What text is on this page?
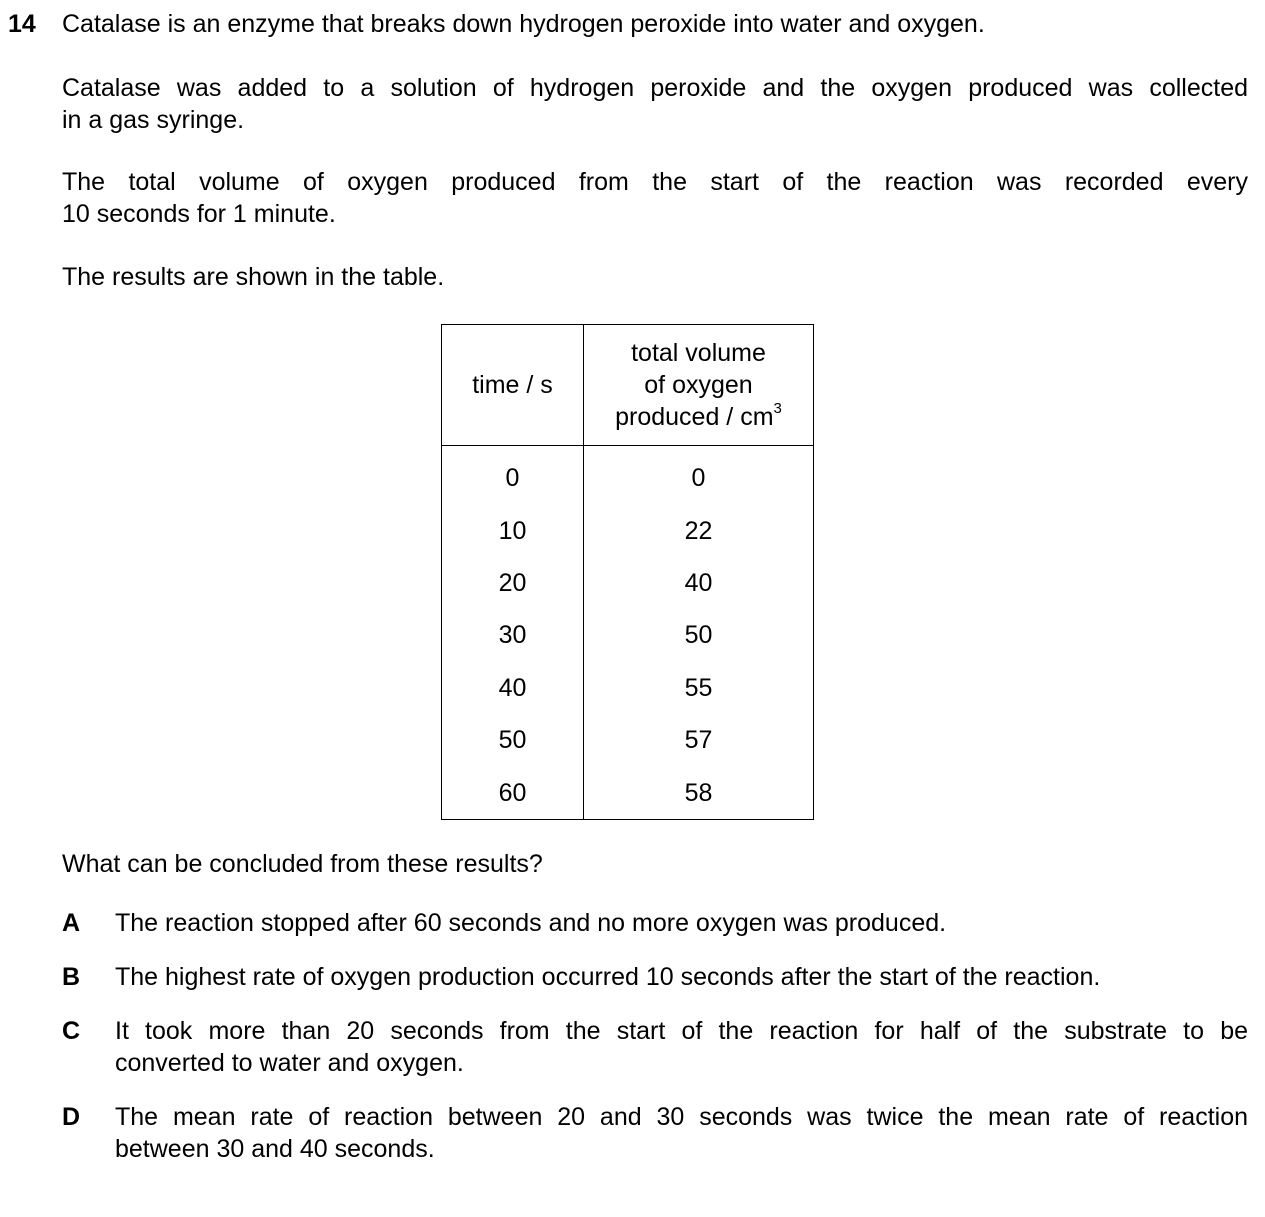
14 Catalase is an enzyme that breaks down hydrogen peroxide into water and oxygen.

Catalase was added to a solution of hydrogen peroxide and the oxygen produced was collected
in a gas syringe.
The total volume of oxygen produced from the start of the reaction was recorded every
10 seconds for 1 minute.

The results are shown in the table.

time / s	total volume
of oxygen
produced / $cm^3$

0	0
10	22
20	40
30	50
40	55
50	57
60	58

What can be concluded from these results?

A The reaction stopped after 60 seconds and no more oxygen was produced.
B The highest rate of oxygen production occurred 10 seconds after the start of the reaction.
C It took more than 20 seconds from the start of the reaction for half of the substrate to be
converted to water and oxygen.
D The mean rate of reaction between 20 and 30 seconds was twice the mean rate of reaction
between 30 and 40 seconds.
